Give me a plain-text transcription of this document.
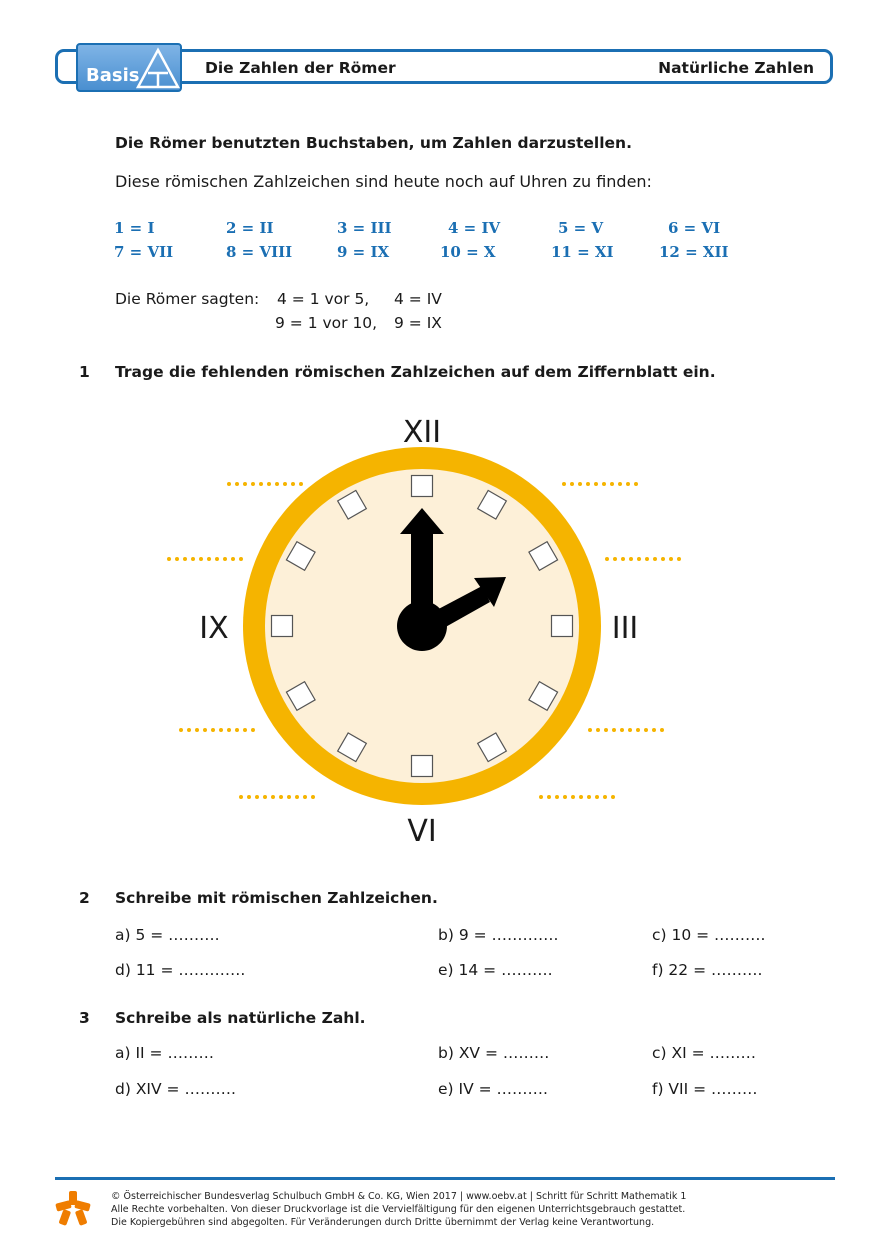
Basis	Die Zahlen der Römer	Natürliche Zahlen
Die Römer benutzten Buchstaben, um Zahlen darzustellen.
Diese römischen Zahlzeichen sind heute noch auf Uhren zu finden:
1 = I	2 = II	3 = III	4 = IV	5 = V	6 = VI
7 = VII	8 = VIII	9 = IX	10 = X	11 = XI	12 = XII
Die Römer sagten: 4 = 1 vor 5, 4 = IV
9 = 1 vor 10, 9 = IX
1 Trage die fehlenden römischen Zahlzeichen auf dem Ziffernblatt ein.
XII
III
VI
IX
2 Schreibe mit römischen Zahlzeichen.
a) 5 = ……….	b) 9 = ………….	c) 10 = ……….
d) 11 = ………….	e) 14 = ……….	f) 22 = ……….
3 Schreibe als natürliche Zahl.
a) II = ………	b) XV = ………	c) XI = ………
d) XIV = ……….	e) IV = ……….	f) VII = ………
© Österreichischer Bundesverlag Schulbuch GmbH & Co. KG, Wien 2017 | www.oebv.at | Schritt für Schritt Mathematik 1
Alle Rechte vorbehalten. Von dieser Druckvorlage ist die Vervielfältigung für den eigenen Unterrichtsgebrauch gestattet.
Die Kopiergebühren sind abgegolten. Für Veränderungen durch Dritte übernimmt der Verlag keine Verantwortung.
